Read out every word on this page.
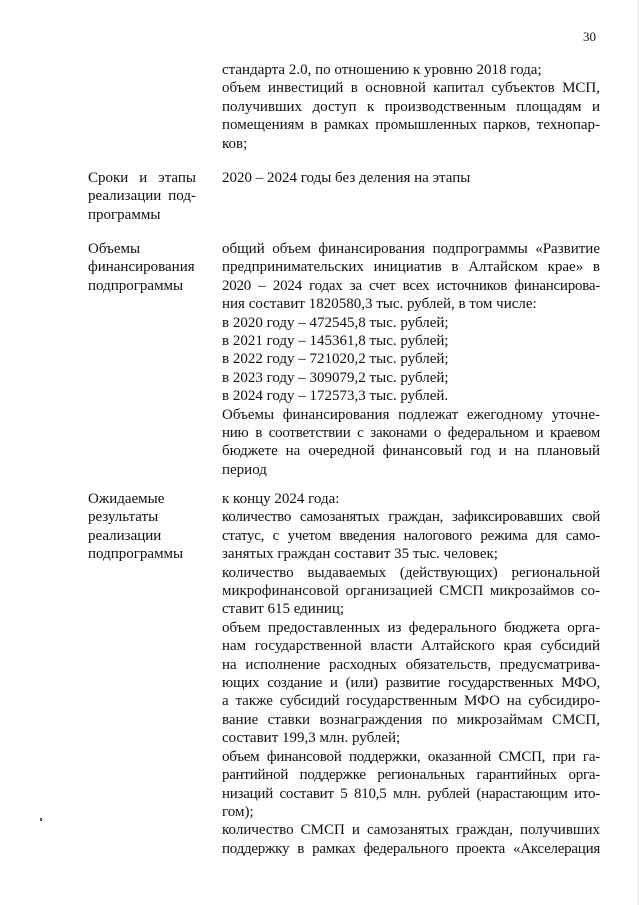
30
стандарта 2.0, по отношению к уровню 2018 года;
объем инвестиций в основной капитал субъектов МСП,
получивших доступ к производственным площадям и
помещениям в рамках промышленных парков, технопар-
ков;
Сроки и этапы
реализации под-
программы
2020 – 2024 годы без деления на этапы
Объемы
финансирования
подпрограммы
общий объем финансирования подпрограммы «Развитие
предпринимательских инициатив в Алтайском крае» в
2020 – 2024 годах за счет всех источников финансирова-
ния составит 1820580,3 тыс. рублей, в том числе:
в 2020 году – 472545,8 тыс. рублей;
в 2021 году – 145361,8 тыс. рублей;
в 2022 году – 721020,2 тыс. рублей;
в 2023 году – 309079,2 тыс. рублей;
в 2024 году – 172573,3 тыс. рублей.
Объемы финансирования подлежат ежегодному уточне-
нию в соответствии с законами о федеральном и краевом
бюджете на очередной финансовый год и на плановый
период
Ожидаемые
результаты
реализации
подпрограммы
к концу 2024 года:
количество самозанятых граждан, зафиксировавших свой
статус, с учетом введения налогового режима для само-
занятых граждан составит 35 тыс. человек;
количество выдаваемых (действующих) региональной
микрофинансовой организацией СМСП микрозаймов со-
ставит 615 единиц;
объем предоставленных из федерального бюджета орга-
нам государственной власти Алтайского края субсидий
на исполнение расходных обязательств, предусматрива-
ющих создание и (или) развитие государственных МФО,
а также субсидий государственным МФО на субсидиро-
вание ставки вознаграждения по микрозаймам СМСП,
составит 199,3 млн. рублей;
объем финансовой поддержки, оказанной СМСП, при га-
рантийной поддержке региональных гарантийных орга-
низаций составит 5 810,5 млн. рублей (нарастающим ито-
гом);
количество СМСП и самозанятых граждан, получивших
поддержку в рамках федерального проекта «Акселерация
